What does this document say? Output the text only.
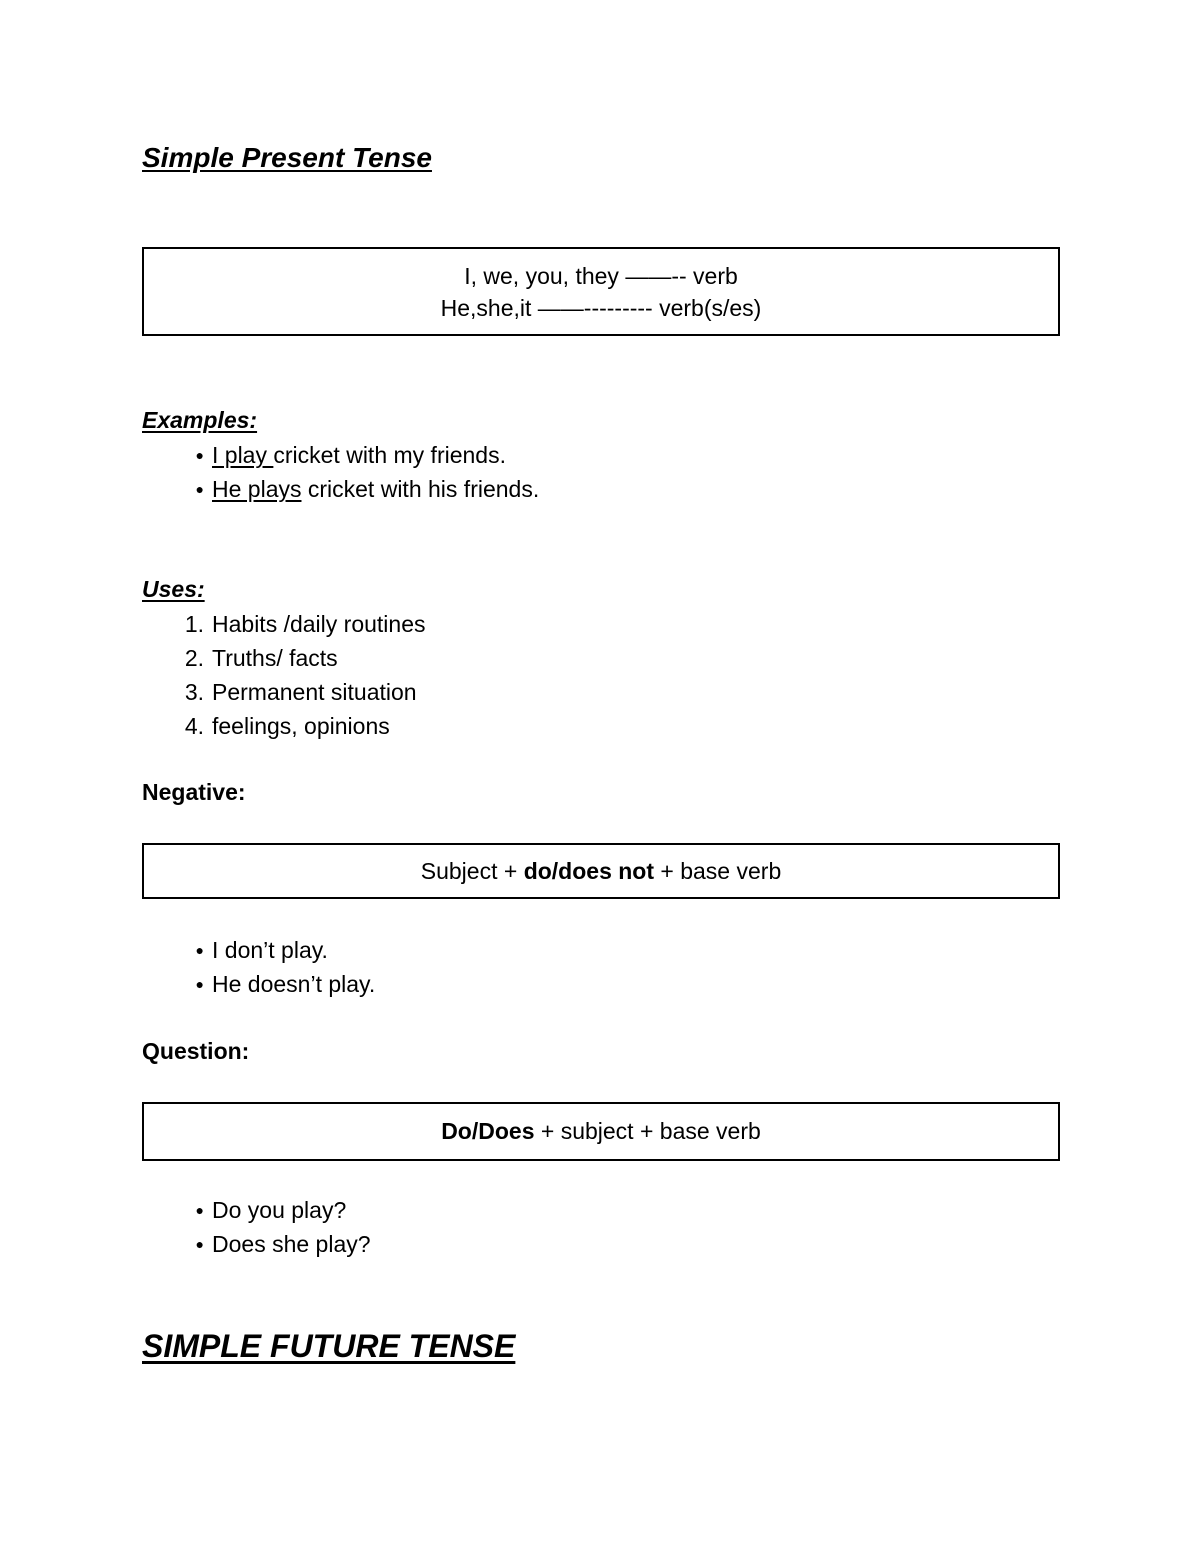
Simple Present Tense
I, we, you, they ——-- verb
He,she,it ——--------- verb(s/es)
Examples:
● I play cricket with my friends.
● He plays cricket with his friends.
Uses:
1. Habits /daily routines
2. Truths/ facts
3. Permanent situation
4. feelings, opinions
Negative:
Subject + do/does not + base verb
● I don’t play.
● He doesn’t play.
Question:
Do/Does + subject + base verb
● Do you play?
● Does she play?
SIMPLE FUTURE TENSE
